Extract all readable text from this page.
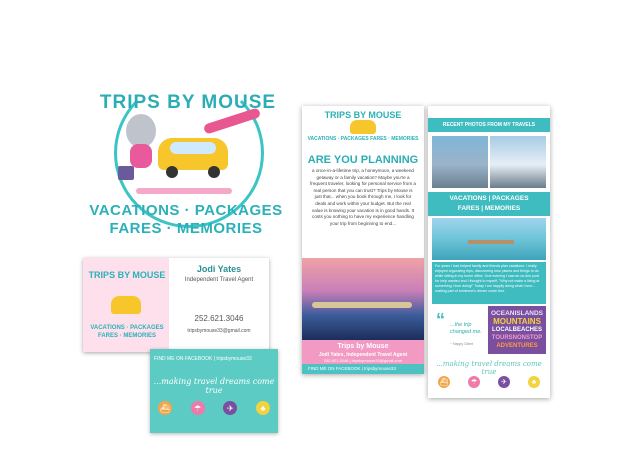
TRIPS BY MOUSE
VACATIONS · PACKAGES
FARES · MEMORIES
TRIPS BY MOUSE
VACATIONS · PACKAGES FARES · MEMORIES
Jodi Yates
Independent Travel Agent
252.621.3046
tripsbymouse33@gmail.com
FIND ME ON FACEBOOK | tripsbymouse33
...making travel dreams come true
⛴	☂	✈	♣
TRIPS BY MOUSE
VACATIONS · PACKAGES FARES · MEMORIES
ARE YOU PLANNING
a once-in-a-lifetime trip, a honeymoon, a weekend getaway or a family vacation? Maybe you're a frequent traveler, looking for personal service from a real person that you can trust? Trips by Mouse is just that... when you book through me, I look for deals and work within your budget. But the real value is knowing your vacation is in good hands. It costs you nothing to have my experience handling your trip from beginning to end...
Trips by Mouse
Jodi Yates, Independent Travel Agent
252.621.3046 | tripsbymouse33@gmail.com
FIND ME ON FACEBOOK | tripsbymouse33
RECENT PHOTOS FROM MY TRAVELS
VACATIONS | PACKAGES
FARES | MEMORIES
For years I had helped family and friends plan vacations. I really enjoyed organizing trips, discovering new places and things to do while sitting in my home office. One evening I saw an on-line post for help wanted and I thought to myself, "Why not make a living at something I love doing!" Today I am happily doing what I love... making part of someone's dream come true.
“ ...the trip changed me.
~ Happy Client
OCEANISLANDS
MOUNTAINS
LOCALBEACHES
TOURSNONSTOP
ADVENTURES
...making travel dreams come true
⛴	☂	✈	♣
